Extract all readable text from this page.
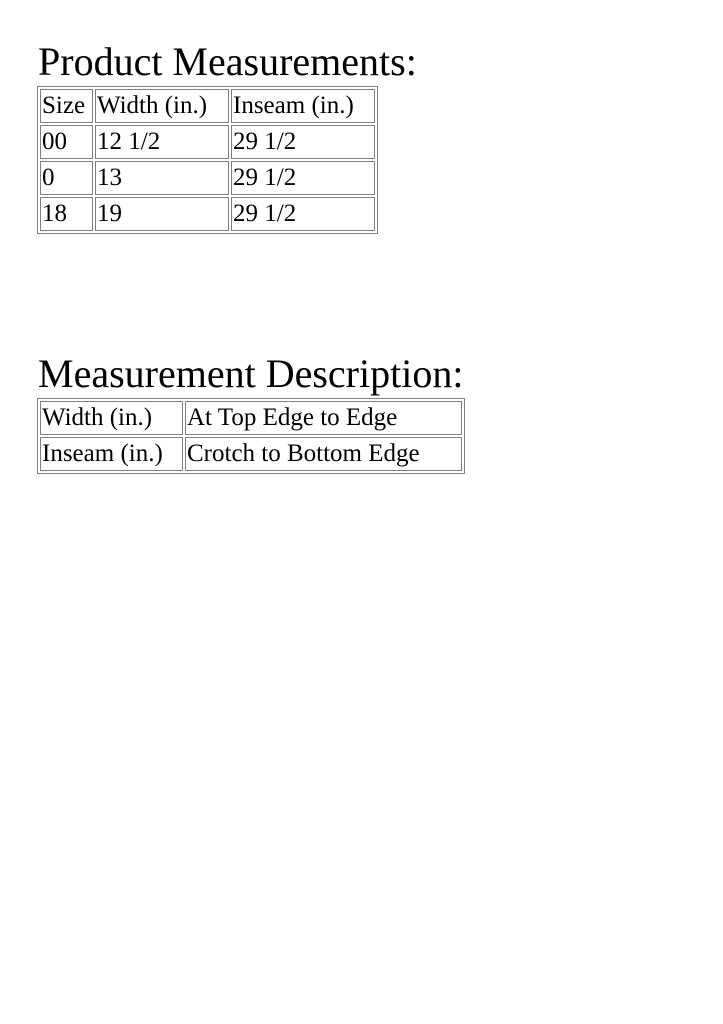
Product Measurements:
Size	Width (in.)	Inseam (in.)
00	12 1/2	29 1/2
0	13	29 1/2
18	19	29 1/2
Measurement Description:
Width (in.)	At Top Edge to Edge
Inseam (in.)	Crotch to Bottom Edge
